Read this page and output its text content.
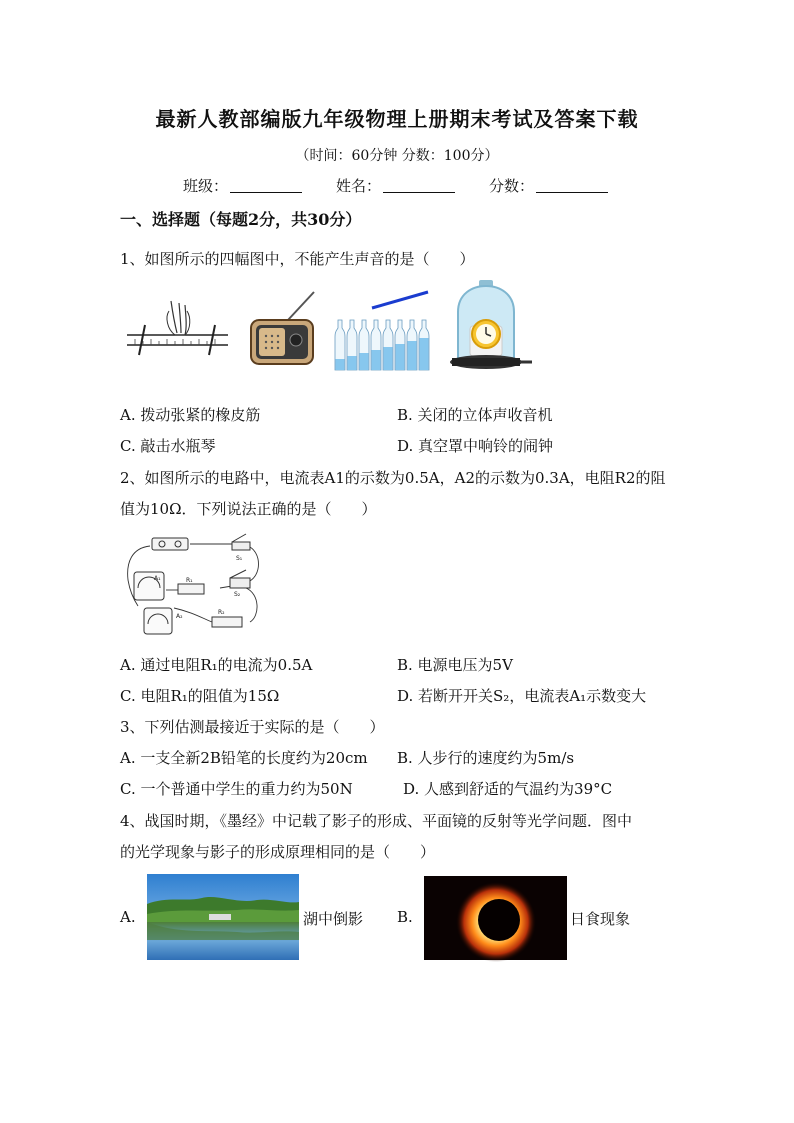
最新人教部编版九年级物理上册期末考试及答案下载
（时间：60分钟 分数：100分）
班级：	姓名：	分数：
一、选择题（每题2分，共30分）
1、如图所示的四幅图中，不能产生声音的是（　　）
A. 拨动张紧的橡皮筋	B. 关闭的立体声收音机
C. 敲击水瓶琴	D. 真空罩中响铃的闹钟
2、如图所示的电路中，电流表A1的示数为0.5A，A2的示数为0.3A，电阻R2的阻
值为10Ω．下列说法正确的是（　　）
S₁
S₂
R₁
R₂
A₁
A₂
A. 通过电阻R₁的电流为0.5A	B. 电源电压为5V
C. 电阻R₁的阻值为15Ω	D. 若断开开关S₂，电流表A₁示数变大
3、下列估测最接近于实际的是（　　）
A. 一支全新2B铅笔的长度约为20cm B. 人步行的速度约为5m/s
C. 一个普通中学生的重力约为50N	D. 人感到舒适的气温约为39°C
4、战国时期，《墨经》中记载了影子的形成、平面镜的反射等光学问题．图中
的光学现象与影子的形成原理相同的是（　　）
A.	湖中倒影 B.	日食现象
